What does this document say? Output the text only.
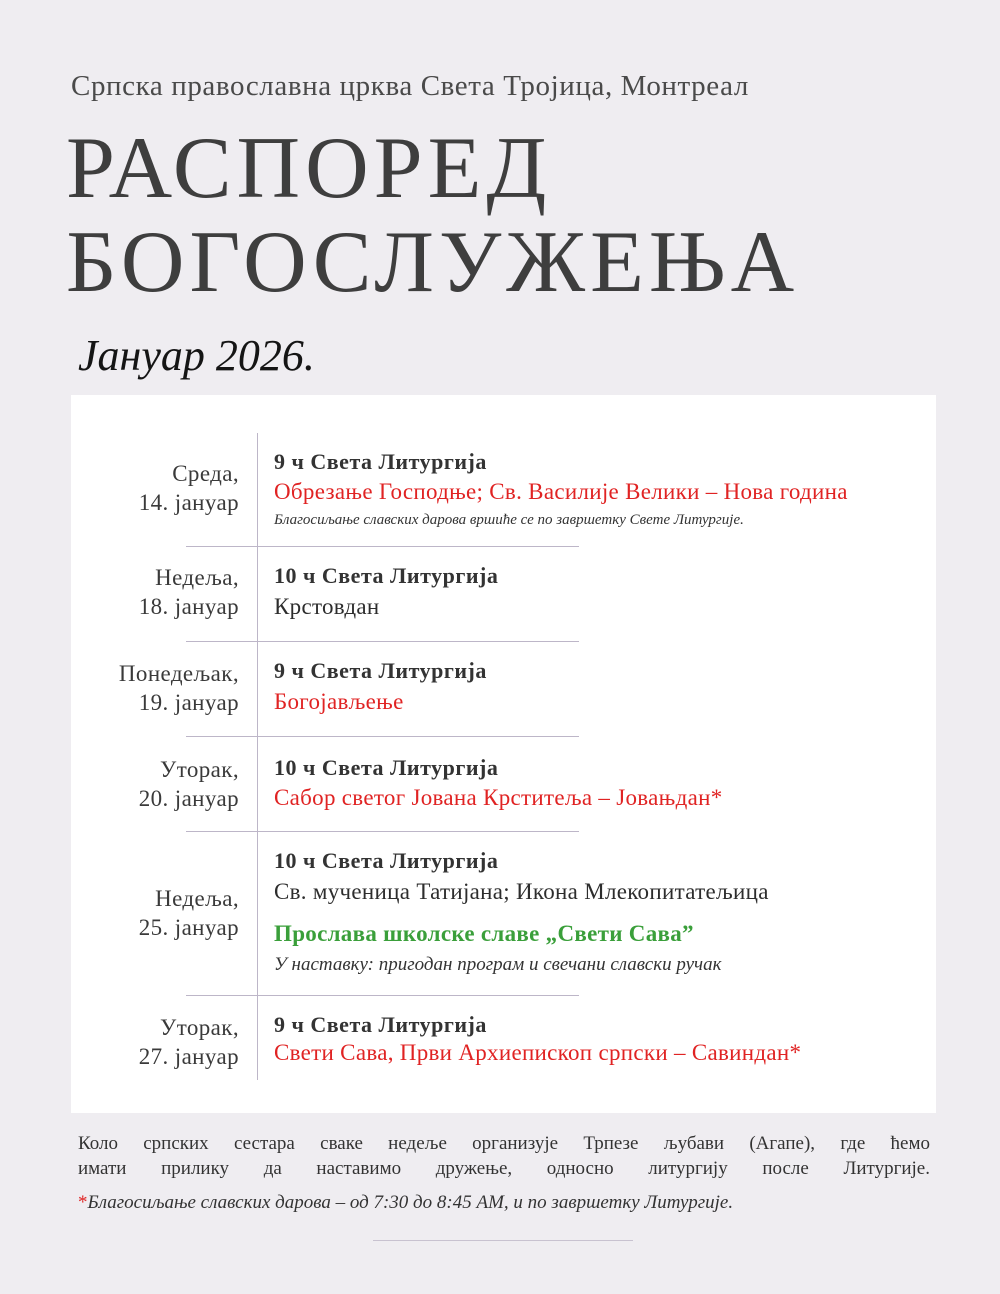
Српска православна црква Света Тројица, Монтреал
РАСПОРЕД
БОГОСЛУЖЕЊА
Јануар 2026.
Среда,
14. јануар
9 ч Света Литургија
Обрезање Господње; Св. Василије Велики – Нова година
Благосиљање славских дарова вршиће се по завршетку Свете Литургије.
Недеља,
18. јануар
10 ч Света Литургија
Крстовдан
Понедељак,
19. јануар
9 ч Света Литургија
Богојављење
Уторак,
20. јануар
10 ч Света Литургија
Сабор светог Јована Крститеља – Јовањдан*
Недеља,
25. јануар
10 ч Света Литургија
Св. мученица Татијана; Икона Млекопитатељица
Прослава школске славе „Свети Сава”
У наставку: пригодан програм и свечани славски ручак
Уторак,
27. јануар
9 ч Света Литургија
Свети Сава, Први Архиепископ српски – Савиндан*
Коло српских сестара сваке недеље организује Трпезе љубави (Агапе), где ћемо
имати прилику да наставимо дружење, односно литургију после Литургије.
*Благосиљање славских дарова – од 7:30 до 8:45 AM, и по завршетку Литургије.
